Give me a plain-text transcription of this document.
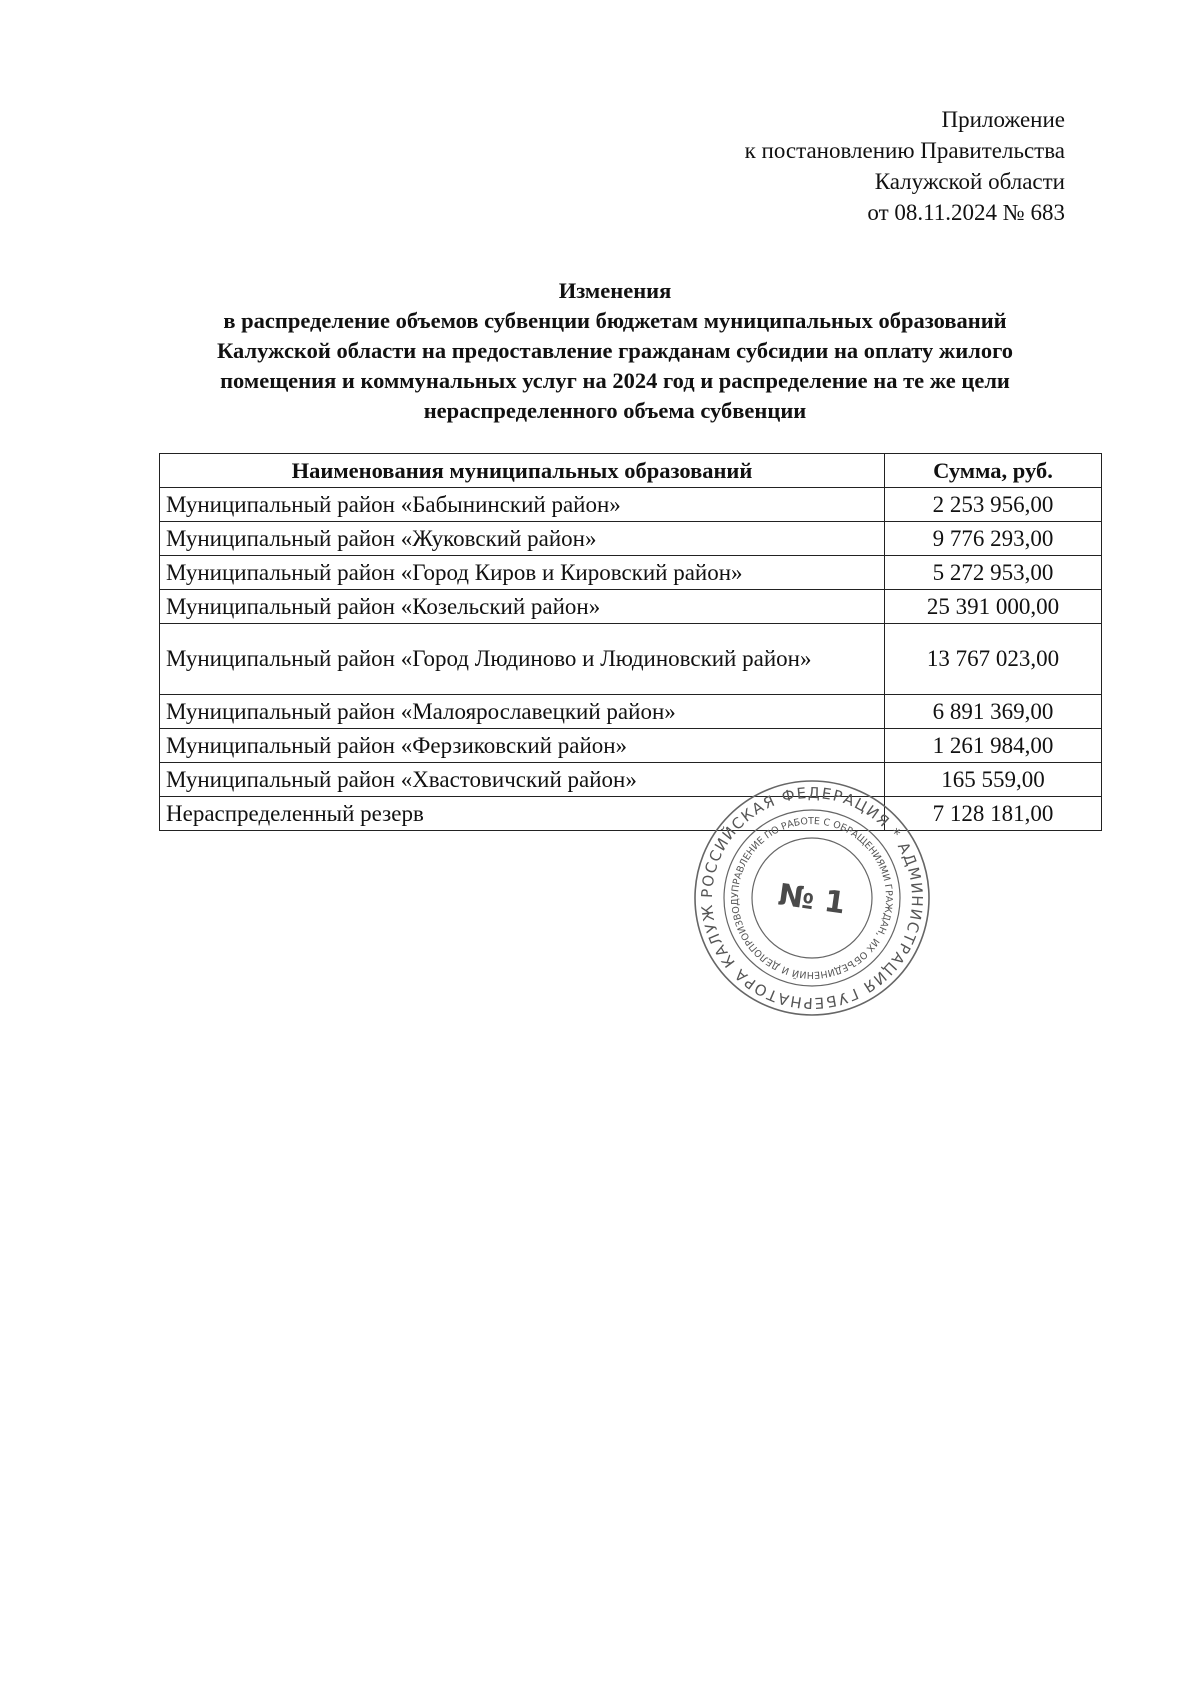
Приложение
к постановлению Правительства
Калужской области
от 08.11.2024 № 683
Изменения
в распределение объемов субвенции бюджетам муниципальных образований
Калужской области на предоставление гражданам субсидии на оплату жилого
помещения и коммунальных услуг на 2024 год и распределение на те же цели
нераспределенного объема субвенции
Наименования муниципальных образований	Сумма, руб.
Муниципальный район «Бабынинский район»	2 253 956,00
Муниципальный район «Жуковский район»	9 776 293,00
Муниципальный район «Город Киров и Кировский район»	5 272 953,00
Муниципальный район «Козельский район»	25 391 000,00
Муниципальный район «Город Людиново и Людиновский район»	13 767 023,00
Муниципальный район «Малоярославецкий район»	6 891 369,00
Муниципальный район «Ферзиковский район»	1 261 984,00
Муниципальный район «Хвастовичский район»	165 559,00
Нераспределенный резерв	7 128 181,00
РОССИЙСКАЯ ФЕДЕРАЦИЯ * АДМИНИСТРАЦИЯ ГУБЕРНАТОРА КАЛУЖ
УПРАВЛЕНИЕ ПО РАБОТЕ С ОБРАЩЕНИЯМИ ГРАЖДАН, ИХ ОБЪЕДИНЕНИЙ И ДЕЛОПРОИЗВОД	№ 1
